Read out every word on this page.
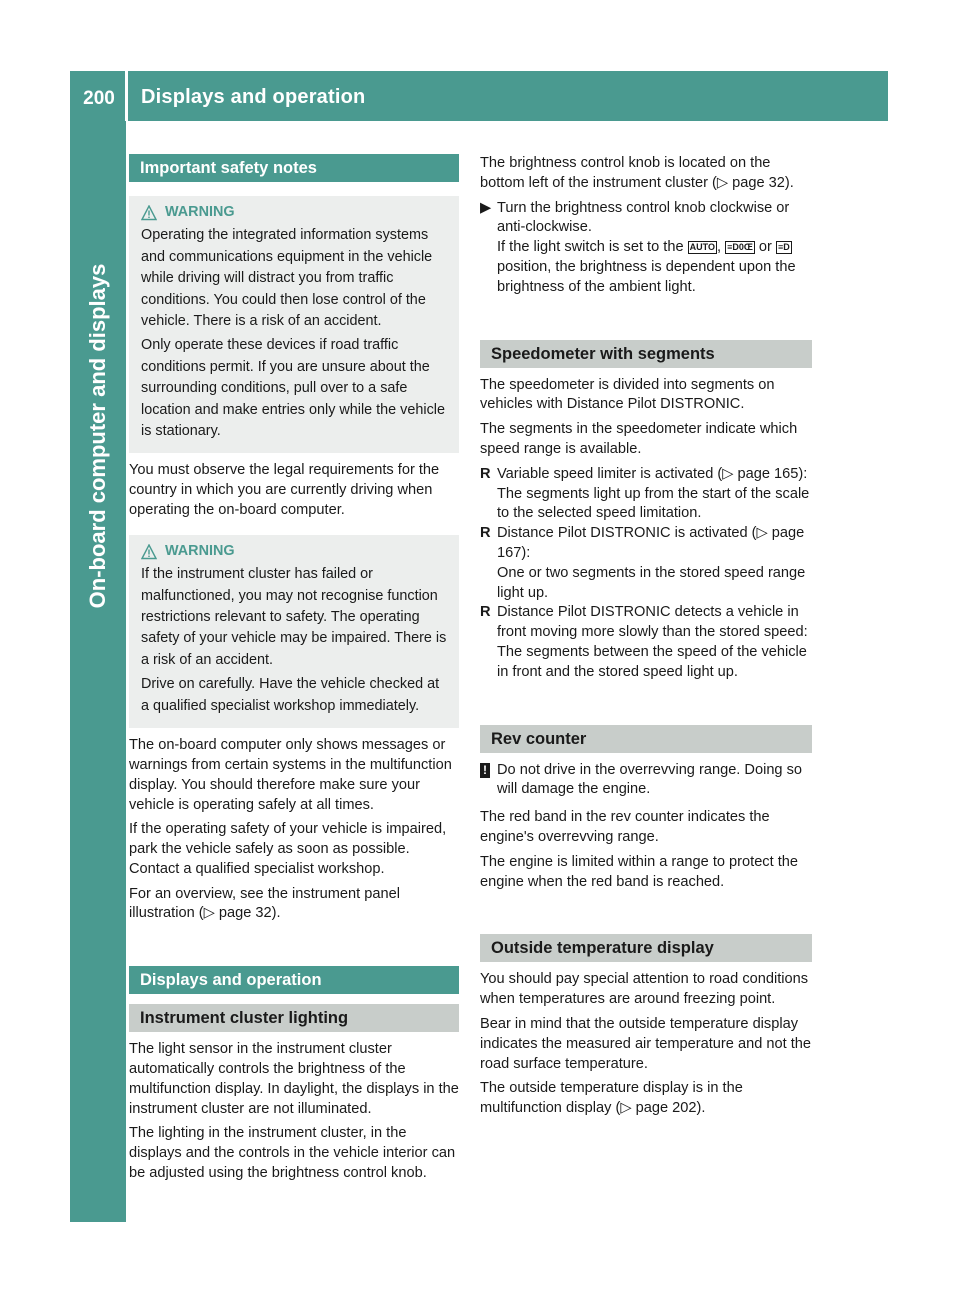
200	Displays and operation
On-board computer and displays
Important safety notes
WARNING

Operating the integrated information systems and communications equipment in the vehicle while driving will distract you from traffic conditions. You could then lose control of the vehicle. There is a risk of an accident.

Only operate these devices if road traffic conditions permit. If you are unsure about the surrounding conditions, pull over to a safe location and make entries only while the vehicle is stationary.

You must observe the legal requirements for the country in which you are currently driving when operating the on-board computer.

WARNING

If the instrument cluster has failed or malfunctioned, you may not recognise function restrictions relevant to safety. The operating safety of your vehicle may be impaired. There is a risk of an accident.

Drive on carefully. Have the vehicle checked at a qualified specialist workshop immediately.

The on-board computer only shows messages or warnings from certain systems in the multifunction display. You should therefore make sure your vehicle is operating safely at all times.

If the operating safety of your vehicle is impaired, park the vehicle safely as soon as possible. Contact a qualified specialist workshop.

For an overview, see the instrument panel illustration (▷ page 32).

Displays and operation
Instrument cluster lighting

The light sensor in the instrument cluster automatically controls the brightness of the multifunction display. In daylight, the displays in the instrument cluster are not illuminated.

The lighting in the instrument cluster, in the displays and the controls in the vehicle interior can be adjusted using the brightness control knob.

The brightness control knob is located on the bottom left of the instrument cluster (▷ page 32).

▶ Turn the brightness control knob clockwise or anti-clockwise.
If the light switch is set to the AUTO , ≡D0Œ or ≡D position, the brightness is dependent upon the brightness of the ambient light.
Speedometer with segments

The speedometer is divided into segments on vehicles with Distance Pilot DISTRONIC.

The segments in the speedometer indicate which speed range is available.

R Variable speed limiter is activated (▷ page 165):
The segments light up from the start of the scale to the selected speed limitation.
R Distance Pilot DISTRONIC is activated (▷ page 167):
One or two segments in the stored speed range light up.
R Distance Pilot DISTRONIC detects a vehicle in front moving more slowly than the stored speed:
The segments between the speed of the vehicle in front and the stored speed light up.
Rev counter
! Do not drive in the overrevving range. Doing so will damage the engine.

The red band in the rev counter indicates the engine's overrevving range.

The engine is limited within a range to protect the engine when the red band is reached.

Outside temperature display

You should pay special attention to road conditions when temperatures are around freezing point.

Bear in mind that the outside temperature display indicates the measured air temperature and not the road surface temperature.

The outside temperature display is in the multifunction display (▷ page 202).
